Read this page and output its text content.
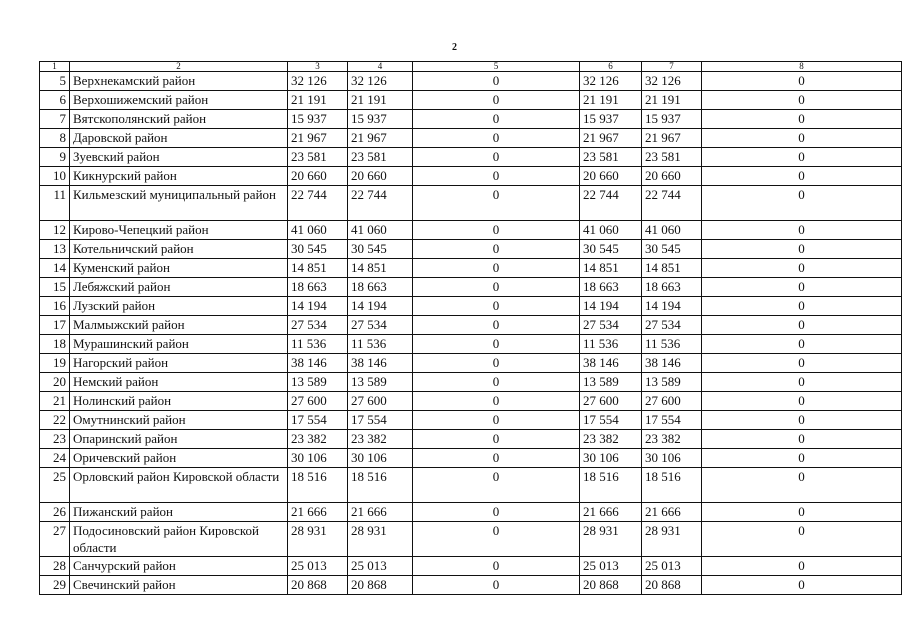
2
1	2	3	4	5	6	7	8
5	Верхнекамский район	32 126	32 126	0	32 126	32 126	0
6	Верхошижемский район	21 191	21 191	0	21 191	21 191	0
7	Вятскополянский район	15 937	15 937	0	15 937	15 937	0
8	Даровской район	21 967	21 967	0	21 967	21 967	0
9	Зуевский район	23 581	23 581	0	23 581	23 581	0
10	Кикнурский район	20 660	20 660	0	20 660	20 660	0
11	Кильмезский муниципальный район	22 744	22 744	0	22 744	22 744	0
12	Кирово-Чепецкий район	41 060	41 060	0	41 060	41 060	0
13	Котельничский район	30 545	30 545	0	30 545	30 545	0
14	Куменский район	14 851	14 851	0	14 851	14 851	0
15	Лебяжский район	18 663	18 663	0	18 663	18 663	0
16	Лузский район	14 194	14 194	0	14 194	14 194	0
17	Малмыжский район	27 534	27 534	0	27 534	27 534	0
18	Мурашинский район	11 536	11 536	0	11 536	11 536	0
19	Нагорский район	38 146	38 146	0	38 146	38 146	0
20	Немский район	13 589	13 589	0	13 589	13 589	0
21	Нолинский район	27 600	27 600	0	27 600	27 600	0
22	Омутнинский район	17 554	17 554	0	17 554	17 554	0
23	Опаринский район	23 382	23 382	0	23 382	23 382	0
24	Оричевский район	30 106	30 106	0	30 106	30 106	0
25	Орловский район Кировской области	18 516	18 516	0	18 516	18 516	0
26	Пижанский район	21 666	21 666	0	21 666	21 666	0
27	Подосиновский район Кировской области	28 931	28 931	0	28 931	28 931	0
28	Санчурский район	25 013	25 013	0	25 013	25 013	0
29	Свечинский район	20 868	20 868	0	20 868	20 868	0
